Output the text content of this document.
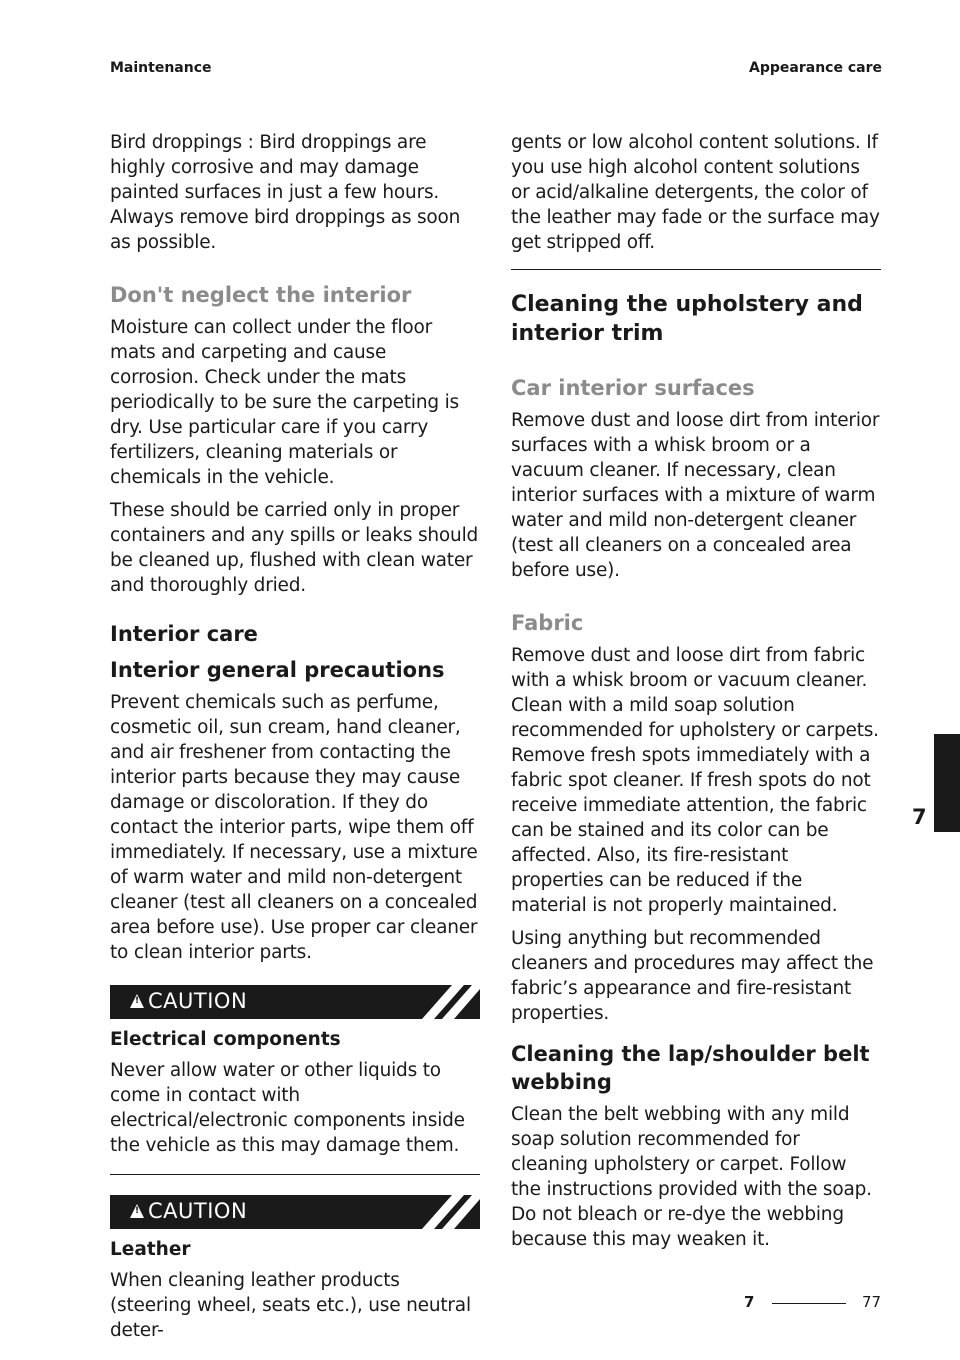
Maintenance	Appearance care

Bird droppings : Bird droppings are highly corrosive and may damage painted surfaces in just a few hours. Always remove bird droppings as soon as possible.

Don't neglect the interior

Moisture can collect under the floor mats and carpeting and cause corrosion. Check under the mats periodically to be sure the carpeting is dry. Use particular care if you carry fertilizers, cleaning materials or chemicals in the vehicle.

These should be carried only in proper containers and any spills or leaks should be cleaned up, flushed with clean water and thoroughly dried.

Interior care
Interior general precautions

Prevent chemicals such as perfume, cosmetic oil, sun cream, hand cleaner, and air freshener from contacting the interior parts because they may cause damage or discoloration. If they do contact the interior parts, wipe them off immediately. If necessary, use a mixture of warm water and mild non-detergent cleaner (test all cleaners on a concealed area before use). Use proper car cleaner to clean interior parts.

!
CAUTION
Electrical components

Never allow water or other liquids to come in contact with electrical/electronic components inside the vehicle as this may damage them.

!
CAUTION
Leather

When cleaning leather products (steering wheel, seats etc.), use neutral deter-

gents or low alcohol content solutions. If you use high alcohol content solutions or acid/alkaline detergents, the color of the leather may fade or the surface may get stripped off.

Cleaning the upholstery and interior trim
Car interior surfaces

Remove dust and loose dirt from interior surfaces with a whisk broom or a vacuum cleaner. If necessary, clean interior surfaces with a mixture of warm water and mild non-detergent cleaner (test all cleaners on a concealed area before use).

Fabric

Remove dust and loose dirt from fabric with a whisk broom or vacuum cleaner. Clean with a mild soap solution recommended for upholstery or carpets. Remove fresh spots immediately with a fabric spot cleaner. If fresh spots do not receive immediate attention, the fabric can be stained and its color can be affected. Also, its fire-resistant properties can be reduced if the material is not properly maintained.

Using anything but recommended cleaners and procedures may affect the fabric’s appearance and fire-resistant properties.

Cleaning the lap/shoulder belt webbing

Clean the belt webbing with any mild soap solution recommended for cleaning upholstery or carpet. Follow the instructions provided with the soap. Do not bleach or re-dye the webbing because this may weaken it.

7
7	77
